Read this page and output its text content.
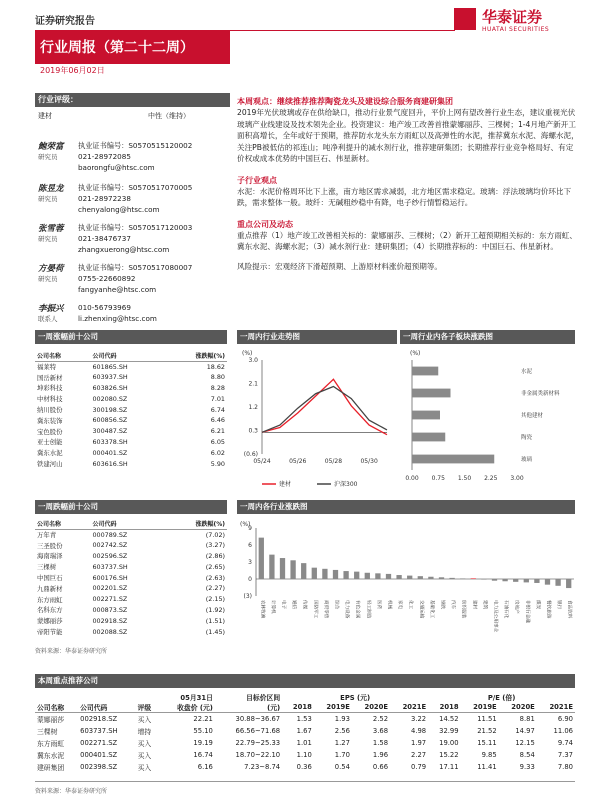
证券研究报告	华泰证券
HUATAI SECURITIES
行业周报（第二十二周）
2019年06月02日
行业评级：
建材	中性（维持）
鲍荣富
研究员
执业证书编号：S0570515120002
021-28972085
baorongfu@htsc.com
陈昱龙
研究员
执业证书编号：S0570517070005
021-28972238
chenyalong@htsc.com
张雪蓉
研究员
执业证书编号：S0570517120003
021-38476737
zhangxuerong@htsc.com
方晏荷
研究员
执业证书编号：S0570517080007
0755-22660892
fangyanhe@htsc.com
李振兴
联系人
010-56793969
li.zhenxing@htsc.com
本周观点：继续推荐推荐陶瓷龙头及建设综合服务商建研集团
2019年光伏玻璃或存在供给缺口，推动行业景气度回升，平价上网有望改善行业生态，建议重视光伏玻璃产业线建设及技术领先企业。投资建议：地产竣工改善首推蒙娜丽莎、三棵树；1-4月地产新开工面积高增长，全年或好于预期，推荐防水龙头东方雨虹以及高弹性的水泥，推荐冀东水泥、海螺水泥，关注PB被低估的祁连山；吨净利提升的减水剂行业，推荐建研集团；长期推荐行业竞争格局好、有定价权或成本优势的中国巨石、伟星新材。
子行业观点
水泥：水泥价格周环比下上涨，南方地区需求减弱，北方地区需求稳定。玻璃：浮法玻璃均价环比下跌，需求整体一般。玻纤：无碱粗纱稳中有降，电子纱行情暂稳运行。
重点公司及动态
重点推荐（1）地产竣工改善相关标的：蒙娜丽莎、三棵树；（2）新开工超预期相关标的：东方雨虹、冀东水泥、海螺水泥；（3）减水剂行业：建研集团；（4）长期推荐标的：中国巨石、伟星新材。
风险提示：宏观经济下滑超预期、上游原材料涨价超预期等。
一周涨幅前十公司
公司名称	公司代码	涨跌幅(%)
福莱特	601865.SH	18.62
国岳新材	603937.SH	8.80
坤彩科技	603826.SH	8.28
中材科技	002080.SZ	7.01
纳川股份	300198.SZ	6.74
冀东装饰	600856.SZ	6.46
宝色股份	300487.SZ	6.21
亚士创能	603378.SH	6.05
冀东水泥	000401.SZ	6.02
铁建河山	603616.SH	5.90
一周跌幅前十公司
公司名称	公司代码	涨跌幅(%)
万年青	000789.SZ	(7.02)
三圣股份	002742.SZ	(3.27)
海南瑞泽	002596.SZ	(2.86)
三棵树	603737.SH	(2.65)
中国巨石	600176.SH	(2.63)
九鼎新材	002201.SZ	(2.27)
东方雨虹	002271.SZ	(2.15)
名科东方	000873.SZ	(1.92)
蒙娜丽莎	002918.SZ	(1.51)
帝阳节能	002088.SZ	(1.45)
资料来源：华泰证券研究所
一周内行业走势图
(%)
3.0
2.1
1.2
0.3
(0.6)
05/24	05/26	05/28	05/30
建材	沪深300
一周行业内各子板块涨跌图
(%)
0.00 0.75 1.50 2.25 3.00
水泥
非金属类新材料
其他建材
陶瓷
玻璃
一周内各行业涨跌图
(%)
9
6
3
0
(3)
农林牧渔	计算机	电子	通信	传媒	国防军工	商贸零售	综合	电力设备	有色金属	轻工制造	医药	机械	家电	化工	交通运输	基础化工	钢铁	汽车	纺织服装	建材	建筑	电力及公用事业	石油石化	房地产	非银行金融	煤炭	餐饮旅游	银行	食品饮料
本周重点推荐公司
			05月31日	目标价区间	EPS (元)				P/E (倍)			
公司名称	公司代码	评级	收盘价 (元)	(元)	2018	2019E	2020E	2021E	2018	2019E	2020E	2021E
蒙娜丽莎	002918.SZ	买入	22.21	30.88~36.67	1.53	1.93	2.52	3.22	14.52	11.51	8.81	6.90
三棵树	603737.SH	增持	55.10	66.56~71.68	1.67	2.56	3.68	4.98	32.99	21.52	14.97	11.06
东方雨虹	002271.SZ	买入	19.19	22.79~25.33	1.01	1.27	1.58	1.97	19.00	15.11	12.15	9.74
冀东水泥	000401.SZ	买入	16.74	18.70~22.10	1.10	1.70	1.96	2.27	15.22	9.85	8.54	7.37
建研集团	002398.SZ	买入	6.16	7.23~8.74	0.36	0.54	0.66	0.79	17.11	11.41	9.33	7.80
资料来源：华泰证券研究所
